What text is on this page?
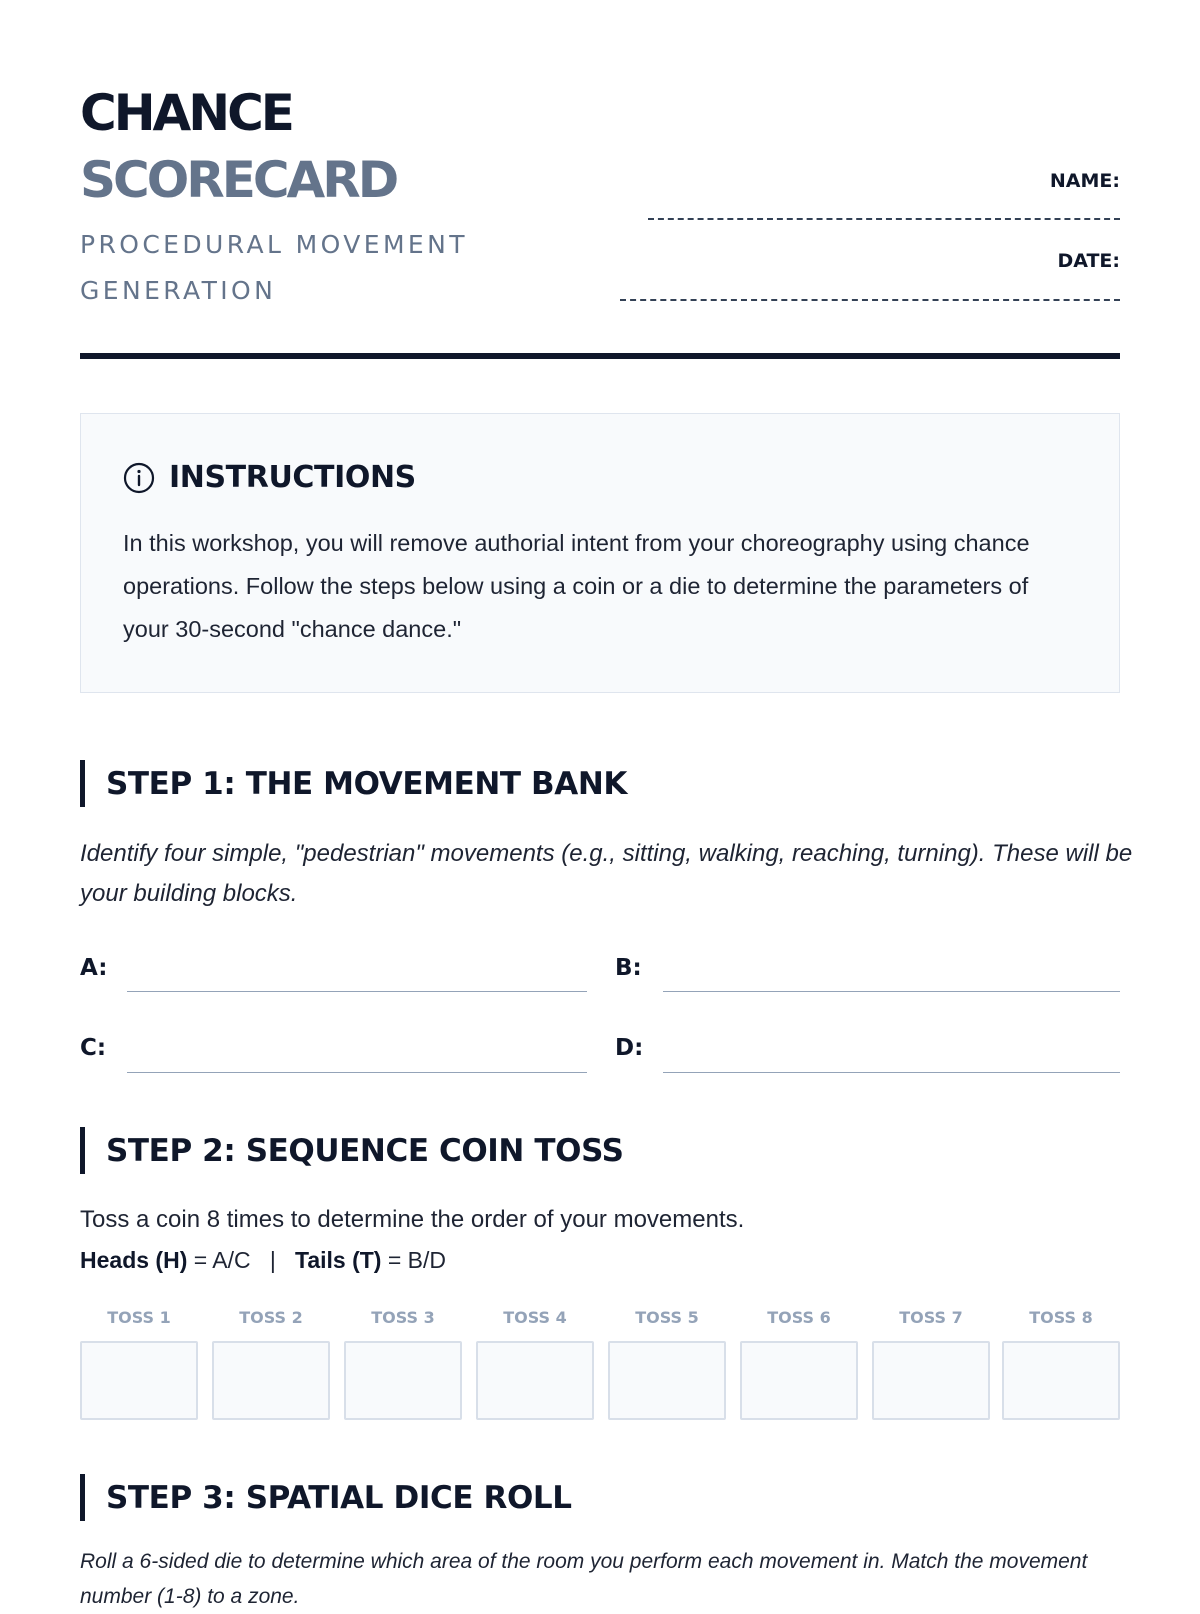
CHANCE
SCORECARD
PROCEDURAL MOVEMENT GENERATION
NAME:
DATE:
INSTRUCTIONS

In this workshop, you will remove authorial intent from your choreography using chance operations. Follow the steps below using a coin or a die to determine the parameters of your 30-second "chance dance."

STEP 1: THE MOVEMENT BANK

Identify four simple, "pedestrian" movements (e.g., sitting, walking, reaching, turning). These will be your building blocks.

A:	B:
C:	D:
STEP 2: SEQUENCE COIN TOSS

Toss a coin 8 times to determine the order of your movements.

Heads (H) = A/C   |   Tails (T) = B/D
TOSS 1	TOSS 2	TOSS 3	TOSS 4	TOSS 5	TOSS 6	TOSS 7	TOSS 8
STEP 3: SPATIAL DICE ROLL

Roll a 6-sided die to determine which area of the room you perform each movement in. Match the movement number (1-8) to a zone.
